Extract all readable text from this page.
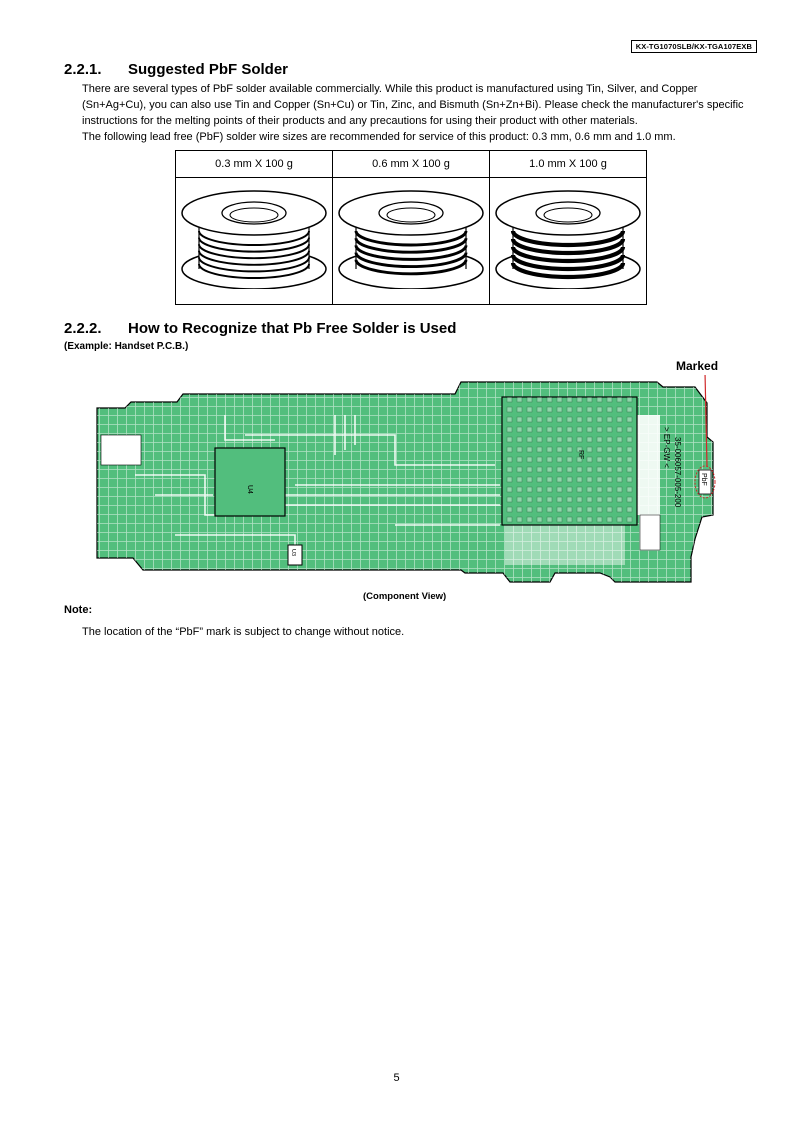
KX-TG1070SLB/KX-TGA107EXB
2.2.1. Suggested PbF Solder

There are several types of PbF solder available commercially. While this product is manufactured using Tin, Silver, and Copper (Sn+Ag+Cu), you can also use Tin and Copper (Sn+Cu) or Tin, Zinc, and Bismuth (Sn+Zn+Bi). Please check the manufacturer's specific instructions for the melting points of their products and any precautions for using their product with other materials.

The following lead free (PbF) solder wire sizes are recommended for service of this product: 0.3 mm, 0.6 mm and 1.0 mm.

0.3 mm X 100 g	0.6 mm X 100 g	1.0 mm X 100 g

2.2.2. How to Recognize that Pb Free Solder is Used
(Example: Handset P.C.B.)
Marked
U4
RF
U3
> EP-GW < 35-006057-005-200	PbF
(Component View)
Note:
The location of the “PbF” mark is subject to change without notice.
5
